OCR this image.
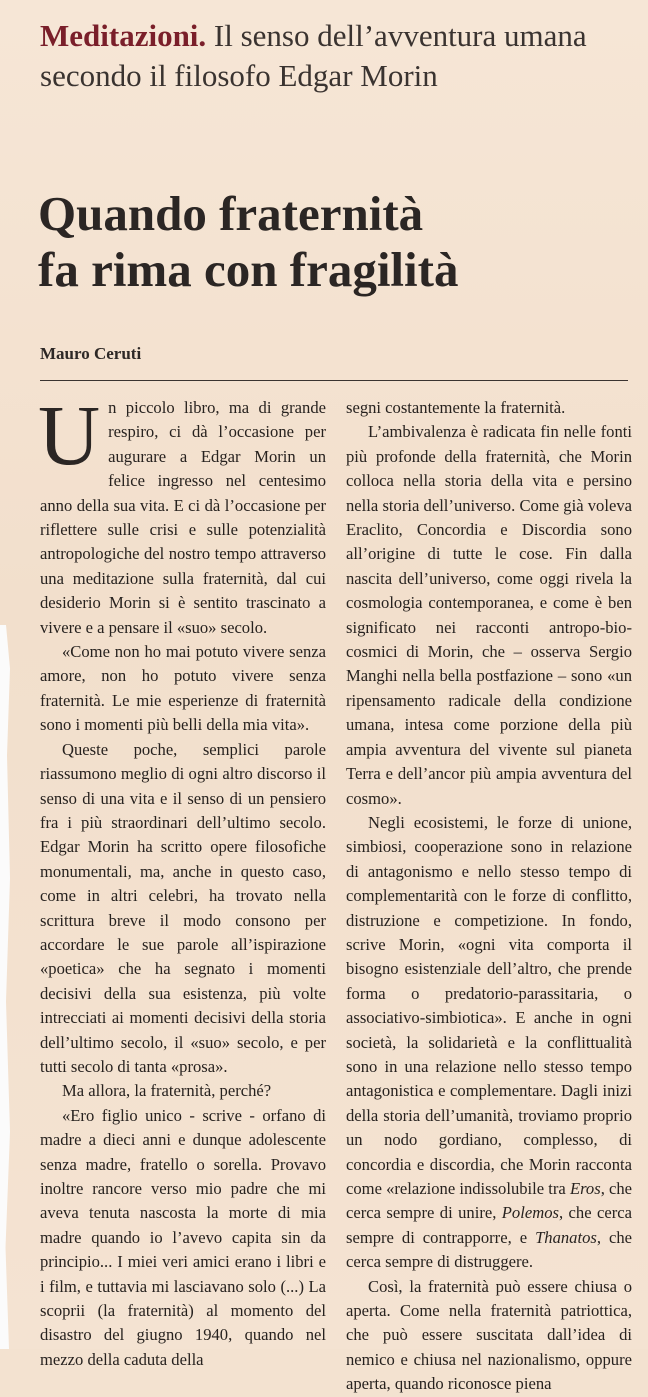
Meditazioni. Il senso dell’avventura umana secondo il filosofo Edgar Morin
Quando fraternità
fa rima con fragilità
Mauro Ceruti

Un piccolo libro, ma di grande respiro, ci dà l’occasione per augurare a Edgar Morin un felice ingresso nel centesimo anno della sua vita. E ci dà l’occasione per riflettere sulle crisi e sulle potenzialità antropologiche del nostro tempo attraverso una meditazione sulla fraternità, dal cui desiderio Morin si è sentito trascinato a vivere e a pensare il «suo» secolo.

«Come non ho mai potuto vivere senza amore, non ho potuto vivere senza fraternità. Le mie esperienze di fraternità sono i momenti più belli della mia vita».

Queste poche, semplici parole riassumono meglio di ogni altro discorso il senso di una vita e il senso di un pensiero fra i più straordinari dell’ultimo secolo. Edgar Morin ha scritto opere filosofiche monumentali, ma, anche in questo caso, come in altri celebri, ha trovato nella scrittura breve il modo consono per accordare le sue parole all’ispirazione «poetica» che ha segnato i momenti decisivi della sua esistenza, più volte intrecciati ai momenti decisivi della storia dell’ultimo secolo, il «suo» secolo, e per tutti secolo di tanta «prosa».

Ma allora, la fraternità, perché?

«Ero figlio unico - scrive - orfano di madre a dieci anni e dunque adolescente senza madre, fratello o sorella. Provavo inoltre rancore verso mio padre che mi aveva tenuta nascosta la morte di mia madre quando io l’avevo capita sin da principio... I miei veri amici erano i libri e i film, e tuttavia mi lasciavano solo (...) La scoprii (la fraternità) al momento del disastro del giugno 1940, quando nel mezzo della caduta della

segni costantemente la fraternità.

L’ambivalenza è radicata fin nelle fonti più profonde della fraternità, che Morin colloca nella storia della vita e persino nella storia dell’universo. Come già voleva Eraclito, Concordia e Discordia sono all’origine di tutte le cose. Fin dalla nascita dell’universo, come oggi rivela la cosmologia contemporanea, e come è ben significato nei racconti antropo-bio-cosmici di Morin, che – osserva Sergio Manghi nella bella postfazione – sono «un ripensamento radicale della condizione umana, intesa come porzione della più ampia avventura del vivente sul pianeta Terra e dell’ancor più ampia avventura del cosmo».

Negli ecosistemi, le forze di unione, simbiosi, cooperazione sono in relazione di antagonismo e nello stesso tempo di complementarità con le forze di conflitto, distruzione e competizione. In fondo, scrive Morin, «ogni vita comporta il bisogno esistenziale dell’altro, che prende forma o predatorio-parassitaria, o associativo-simbiotica». E anche in ogni società, la solidarietà e la conflittualità sono in una relazione nello stesso tempo antagonistica e complementare. Dagli inizi della storia dell’umanità, troviamo proprio un nodo gordiano, complesso, di concordia e discordia, che Morin racconta come «relazione indissolubile tra Eros, che cerca sempre di unire, Polemos, che cerca sempre di contrapporre, e Thanatos, che cerca sempre di distruggere.

Così, la fraternità può essere chiusa o aperta. Come nella fraternità patriottica, che può essere suscitata dall’idea di nemico e chiusa nel nazionalismo, oppure aperta, quando riconosce piena
